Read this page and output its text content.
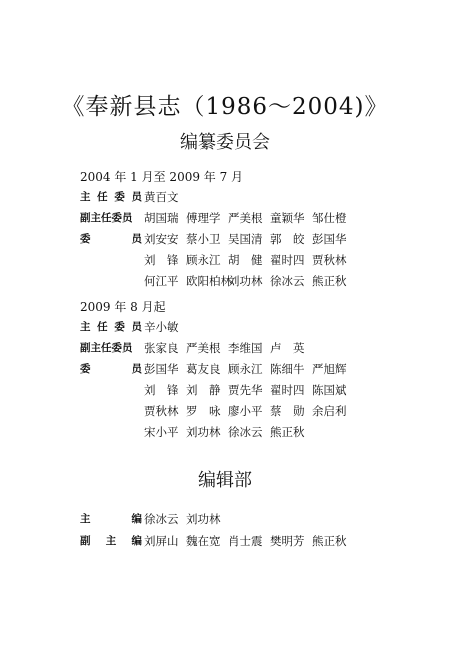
《奉新县志（1986～2004)》
编纂委员会
2004 年 1 月至 2009 年 7 月
主 任 委 员 黄百文
副主任委员 胡国瑞 傅理学 严美根 童颖华 邹仕橙
委	员 刘安安 蔡小卫 吴国清 郭　皎 彭国华
刘　锋 顾永江 胡　健 翟时四 贾秋林
何江平 欧阳柏林刘功林 徐冰云 熊正秋
2009 年 8 月起
主 任 委 员 辛小敏
副主任委员 张家良 严美根 李维国 卢　英
委	员 彭国华 葛友良 顾永江 陈细牛 严旭辉
刘　锋 刘　静 贾先华 翟时四 陈国斌
贾秋林 罗　咏 廖小平 蔡　勋 余启利
宋小平 刘功林 徐冰云 熊正秋
编辑部
主	编 徐冰云 刘功林
副 主 编 刘屏山 魏在宽 肖士震 樊明芳 熊正秋
